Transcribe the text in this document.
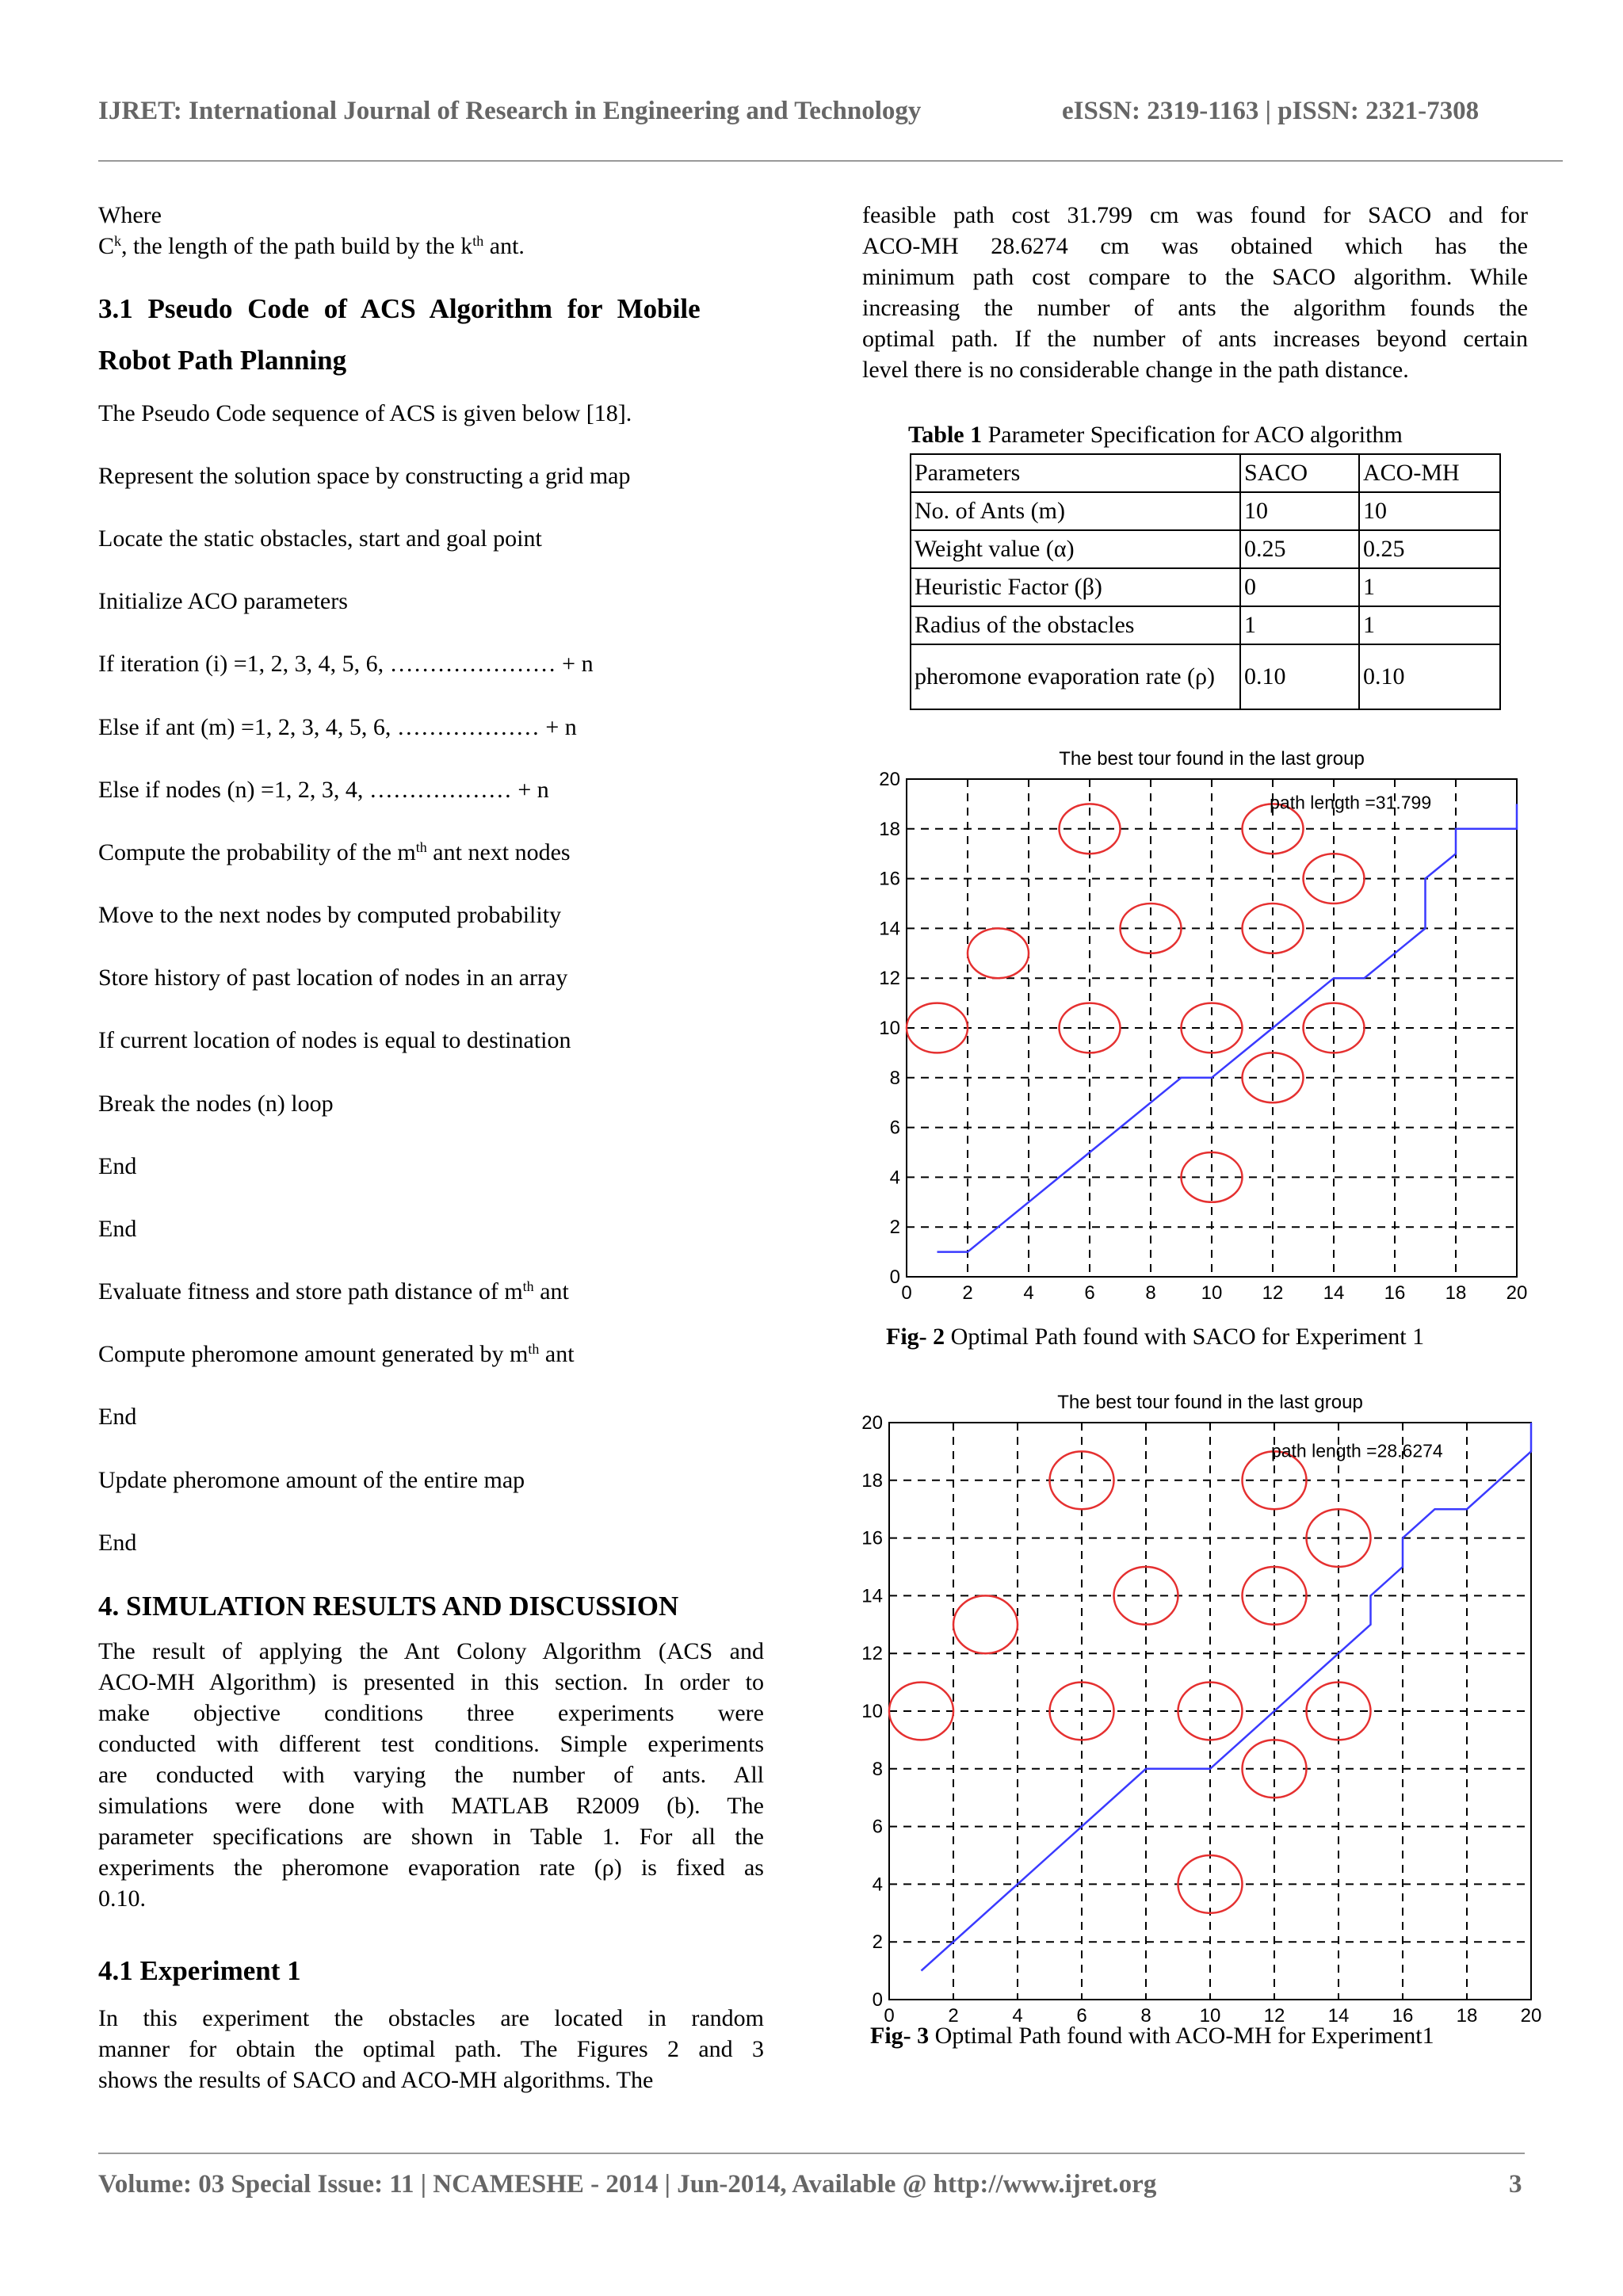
IJRET: International Journal of Research in Engineering and Technology	eISSN: 2319-1163 | pISSN: 2321-7308
Where
$C^k$, the length of the path build by the $k^{th}$ ant.
3.1 Pseudo Code of ACS Algorithm for Mobile
Robot Path Planning
The Pseudo Code sequence of ACS is given below [18].
Represent the solution space by constructing a grid map
Locate the static obstacles, start and goal point
Initialize ACO parameters
If iteration (i) =1, 2, 3, 4, 5, 6, ………………… + n
Else if ant (m) =1, 2, 3, 4, 5, 6, ……………… + n
Else if nodes (n) =1, 2, 3, 4, ……………… + n
Compute the probability of the $m^{th}$ ant next nodes
Move to the next nodes by computed probability
Store history of past location of nodes in an array
If current location of nodes is equal to destination
Break the nodes (n) loop
End
End
Evaluate fitness and store path distance of $m^{th}$ ant
Compute pheromone amount generated by $m^{th}$ ant
End
Update pheromone amount of the entire map
End
4. SIMULATION RESULTS AND DISCUSSION
The result of applying the Ant Colony Algorithm (ACS and
ACO-MH Algorithm) is presented in this section. In order to
make objective conditions three experiments were
conducted with different test conditions. Simple experiments
are conducted with varying the number of ants. All
simulations were done with MATLAB R2009 (b). The
parameter specifications are shown in Table 1. For all the
experiments the pheromone evaporation rate (ρ) is fixed as
0.10.
4.1 Experiment 1
In this experiment the obstacles are located in random
manner for obtain the optimal path. The Figures 2 and 3
shows the results of SACO and ACO-MH algorithms. The
feasible path cost 31.799 cm was found for SACO and for
ACO-MH 28.6274 cm was obtained which has the
minimum path cost compare to the SACO algorithm. While
increasing the number of ants the algorithm founds the
optimal path. If the number of ants increases beyond certain
level there is no considerable change in the path distance.
Table 1 Parameter Specification for ACO algorithm
Parameters	SACO	ACO-MH
No. of Ants (m)	10	10
Weight value (α)	0.25	0.25
Heuristic Factor (β)	0	1
Radius of the obstacles	1	1
pheromone evaporation rate (ρ)	0.10	0.10
The best tour found in the last group
0	2	4	6	8 10 12 14 16 18 20
0
2
4
6
8
10
12
14
16
18
20
path length =31.799
Fig- 2 Optimal Path found with SACO for Experiment 1
The best tour found in the last group
0	2	4	6	8	10 12 14 16 18 20
0
2
4
6
8
10
12
14
16
18
20
path length =28.6274
Fig- 3 Optimal Path found with ACO-MH for Experiment1
Volume: 03 Special Issue: 11 | NCAMESHE - 2014 | Jun-2014, Available @ http://www.ijret.org	3
